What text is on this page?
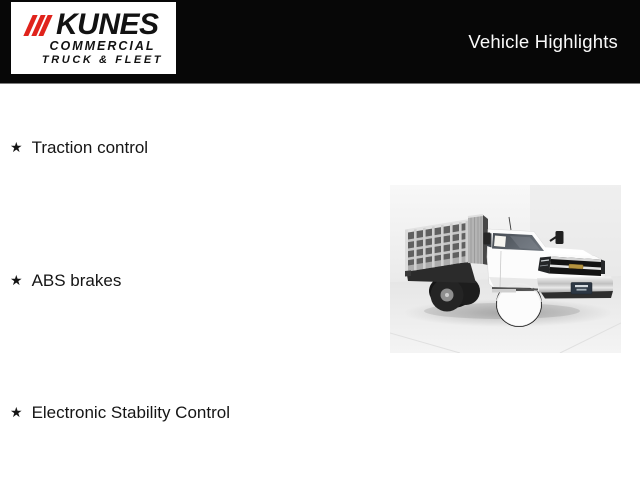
KUNES
COMMERCIAL
TRUCK & FLEET
Vehicle Highlights
★ Traction control
★ ABS brakes
★ Electronic Stability Control
